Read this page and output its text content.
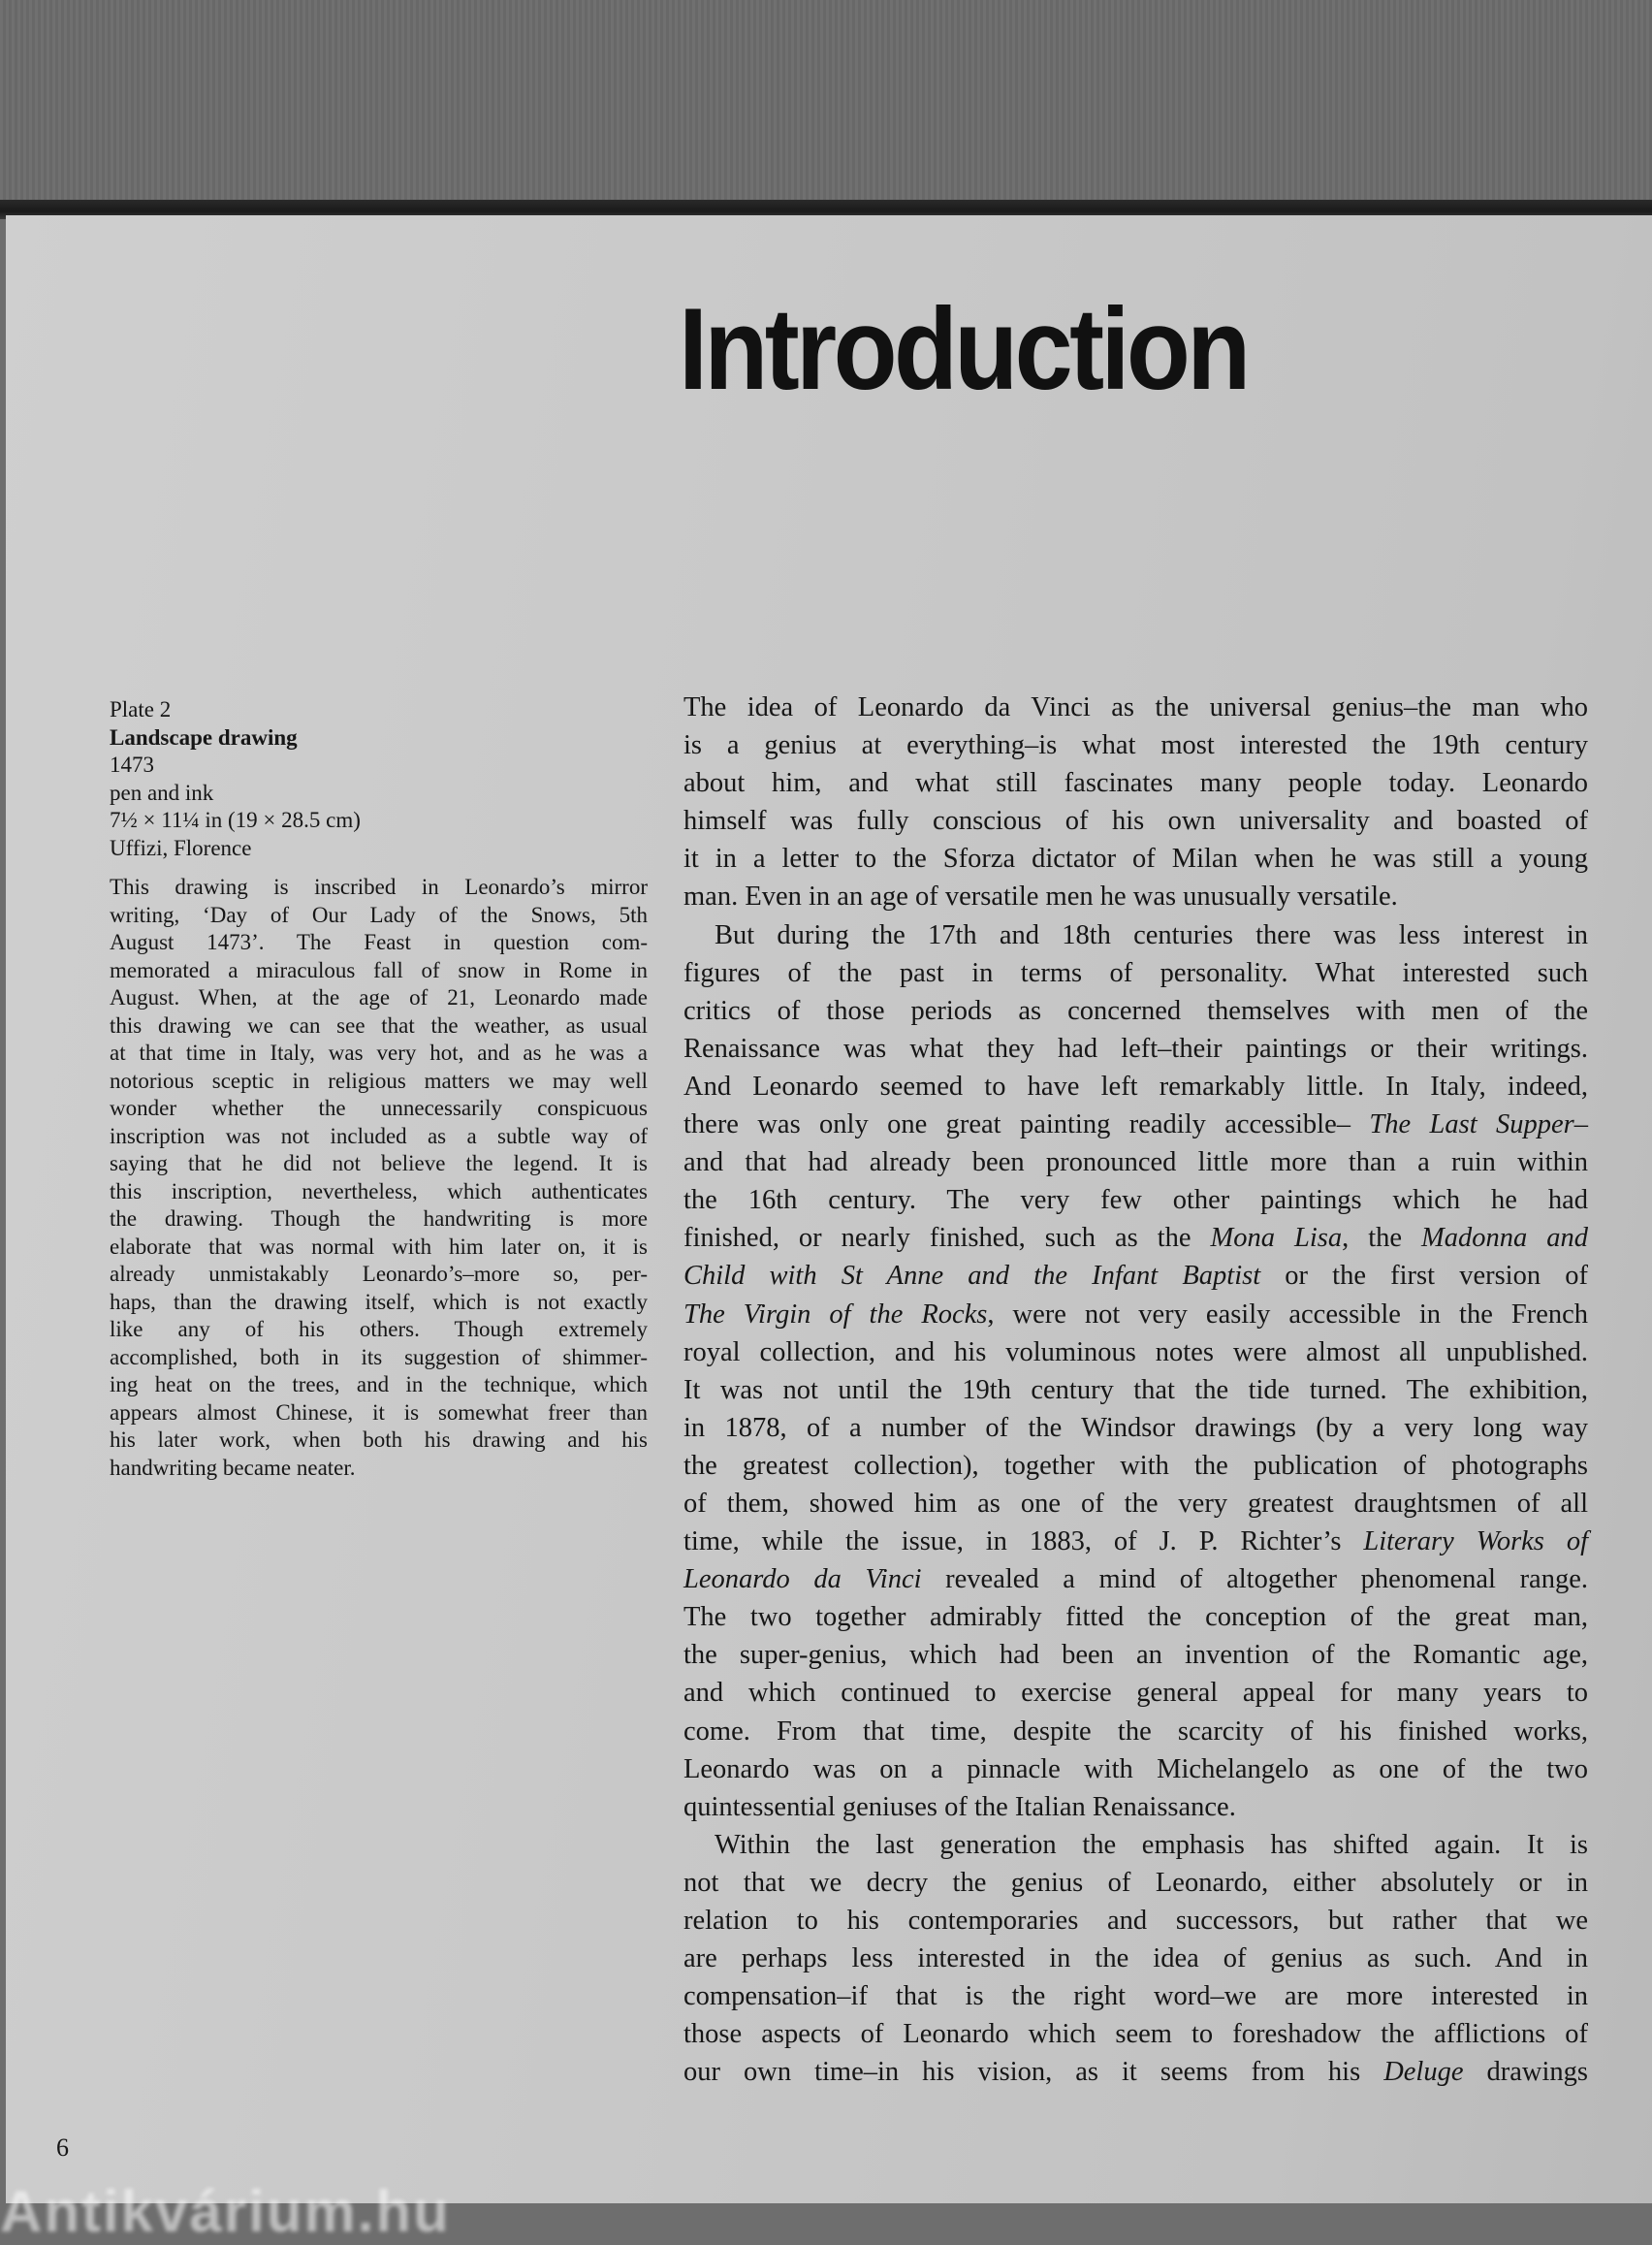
Introduction
Plate 2
Landscape drawing
1473
pen and ink
7½ × 11¼ in (19 × 28.5 cm)
Uffizi, Florence
This drawing is inscribed in Leonardo’s mirror
writing, ‘Day of Our Lady of the Snows, 5th
August 1473’. The Feast in question com-
memorated a miraculous fall of snow in Rome in
August. When, at the age of 21, Leonardo made
this drawing we can see that the weather, as usual
at that time in Italy, was very hot, and as he was a
notorious sceptic in religious matters we may well
wonder whether the unnecessarily conspicuous
inscription was not included as a subtle way of
saying that he did not believe the legend. It is
this inscription, nevertheless, which authenticates
the drawing. Though the handwriting is more
elaborate that was normal with him later on, it is
already unmistakably Leonardo’s–more so, per-
haps, than the drawing itself, which is not exactly
like any of his others. Though extremely
accomplished, both in its suggestion of shimmer-
ing heat on the trees, and in the technique, which
appears almost Chinese, it is somewhat freer than
his later work, when both his drawing and his
handwriting became neater.
The idea of Leonardo da Vinci as the universal genius–the man who
is a genius at everything–is what most interested the 19th century
about him, and what still fascinates many people today. Leonardo
himself was fully conscious of his own universality and boasted of
it in a letter to the Sforza dictator of Milan when he was still a young
man. Even in an age of versatile men he was unusually versatile.
But during the 17th and 18th centuries there was less interest in
figures of the past in terms of personality. What interested such
critics of those periods as concerned themselves with men of the
Renaissance was what they had left–their paintings or their writings.
And Leonardo seemed to have left remarkably little. In Italy, indeed,
there was only one great painting readily accessible– The Last Supper–
and that had already been pronounced little more than a ruin within
the 16th century. The very few other paintings which he had
finished, or nearly finished, such as the Mona Lisa, the Madonna and
Child with St Anne and the Infant Baptist or the first version of
The Virgin of the Rocks, were not very easily accessible in the French
royal collection, and his voluminous notes were almost all unpublished.
It was not until the 19th century that the tide turned. The exhibition,
in 1878, of a number of the Windsor drawings (by a very long way
the greatest collection), together with the publication of photographs
of them, showed him as one of the very greatest draughtsmen of all
time, while the issue, in 1883, of J. P. Richter’s Literary Works of
Leonardo da Vinci revealed a mind of altogether phenomenal range.
The two together admirably fitted the conception of the great man,
the super-genius, which had been an invention of the Romantic age,
and which continued to exercise general appeal for many years to
come. From that time, despite the scarcity of his finished works,
Leonardo was on a pinnacle with Michelangelo as one of the two
quintessential geniuses of the Italian Renaissance.
Within the last generation the emphasis has shifted again. It is
not that we decry the genius of Leonardo, either absolutely or in
relation to his contemporaries and successors, but rather that we
are perhaps less interested in the idea of genius as such. And in
compensation–if that is the right word–we are more interested in
those aspects of Leonardo which seem to foreshadow the afflictions of
our own time–in his vision, as it seems from his Deluge drawings
6
Antikvárium.hu
